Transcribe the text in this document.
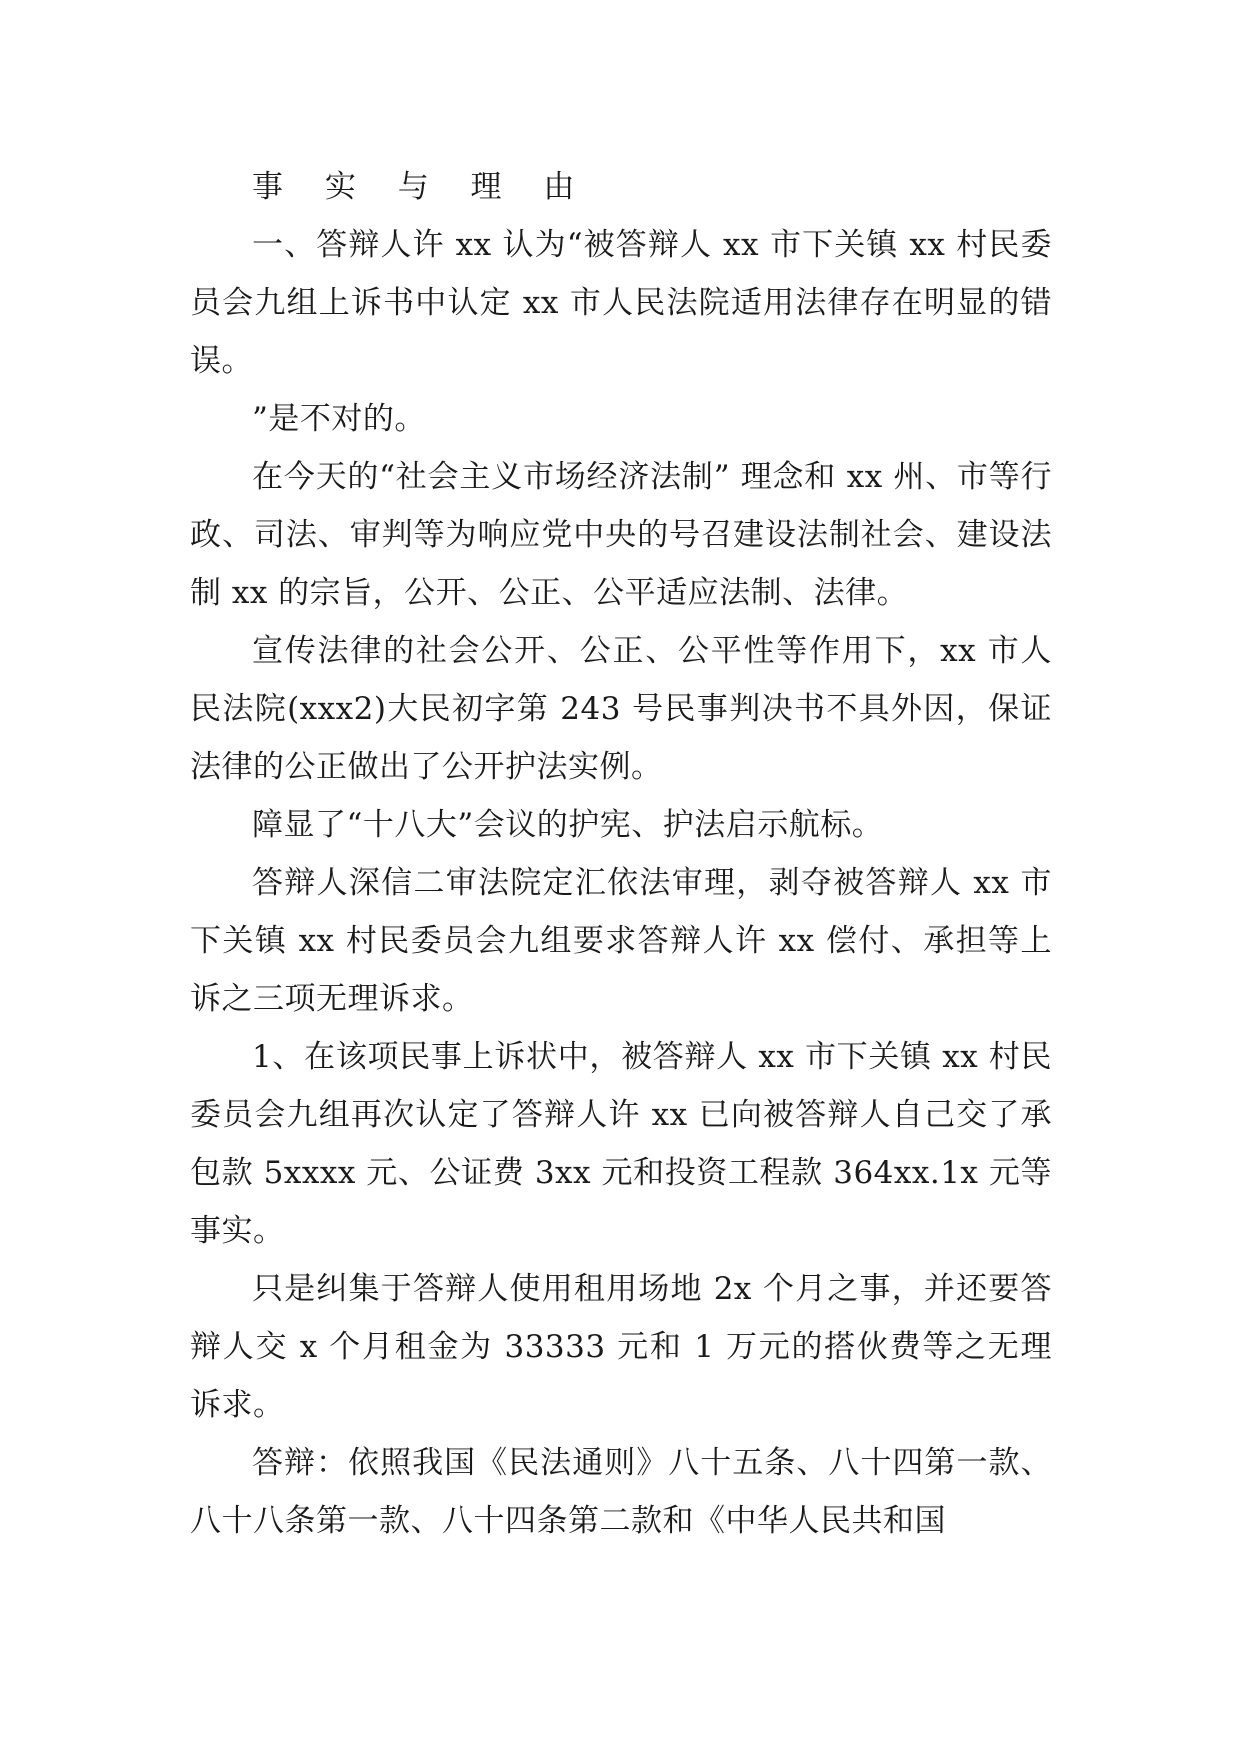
事 实 与 理 由

一、答辩人许 xx 认为“被答辩人 xx 市下关镇 xx 村民委员会九组上诉书中认定 xx 市人民法院适用法律存在明显的错误。

”是不对的。

在今天的“社会主义市场经济法制” 理念和 xx 州、市等行政、司法、审判等为响应党中央的号召建设法制社会、建设法制 xx 的宗旨，公开、公正、公平适应法制、法律。

宣传法律的社会公开、公正、公平性等作用下，xx 市人民法院(xxx2)大民初字第 243 号民事判决书不具外因，保证法律的公正做出了公开护法实例。

障显了“十八大”会议的护宪、护法启示航标。

答辩人深信二审法院定汇依法审理，剥夺被答辩人 xx 市下关镇 xx 村民委员会九组要求答辩人许 xx 偿付、承担等上诉之三项无理诉求。

1、在该项民事上诉状中，被答辩人 xx 市下关镇 xx 村民委员会九组再次认定了答辩人许 xx 已向被答辩人自己交了承包款 5xxxx 元、公证费 3xx 元和投资工程款 364xx.1x 元等事实。

只是纠集于答辩人使用租用场地 2x 个月之事，并还要答辩人交 x 个月租金为 33333 元和 1 万元的搭伙费等之无理诉求。

答辩：依照我国《民法通则》八十五条、八十四第一款、八十八条第一款、八十四条第二款和《中华人民共和国
